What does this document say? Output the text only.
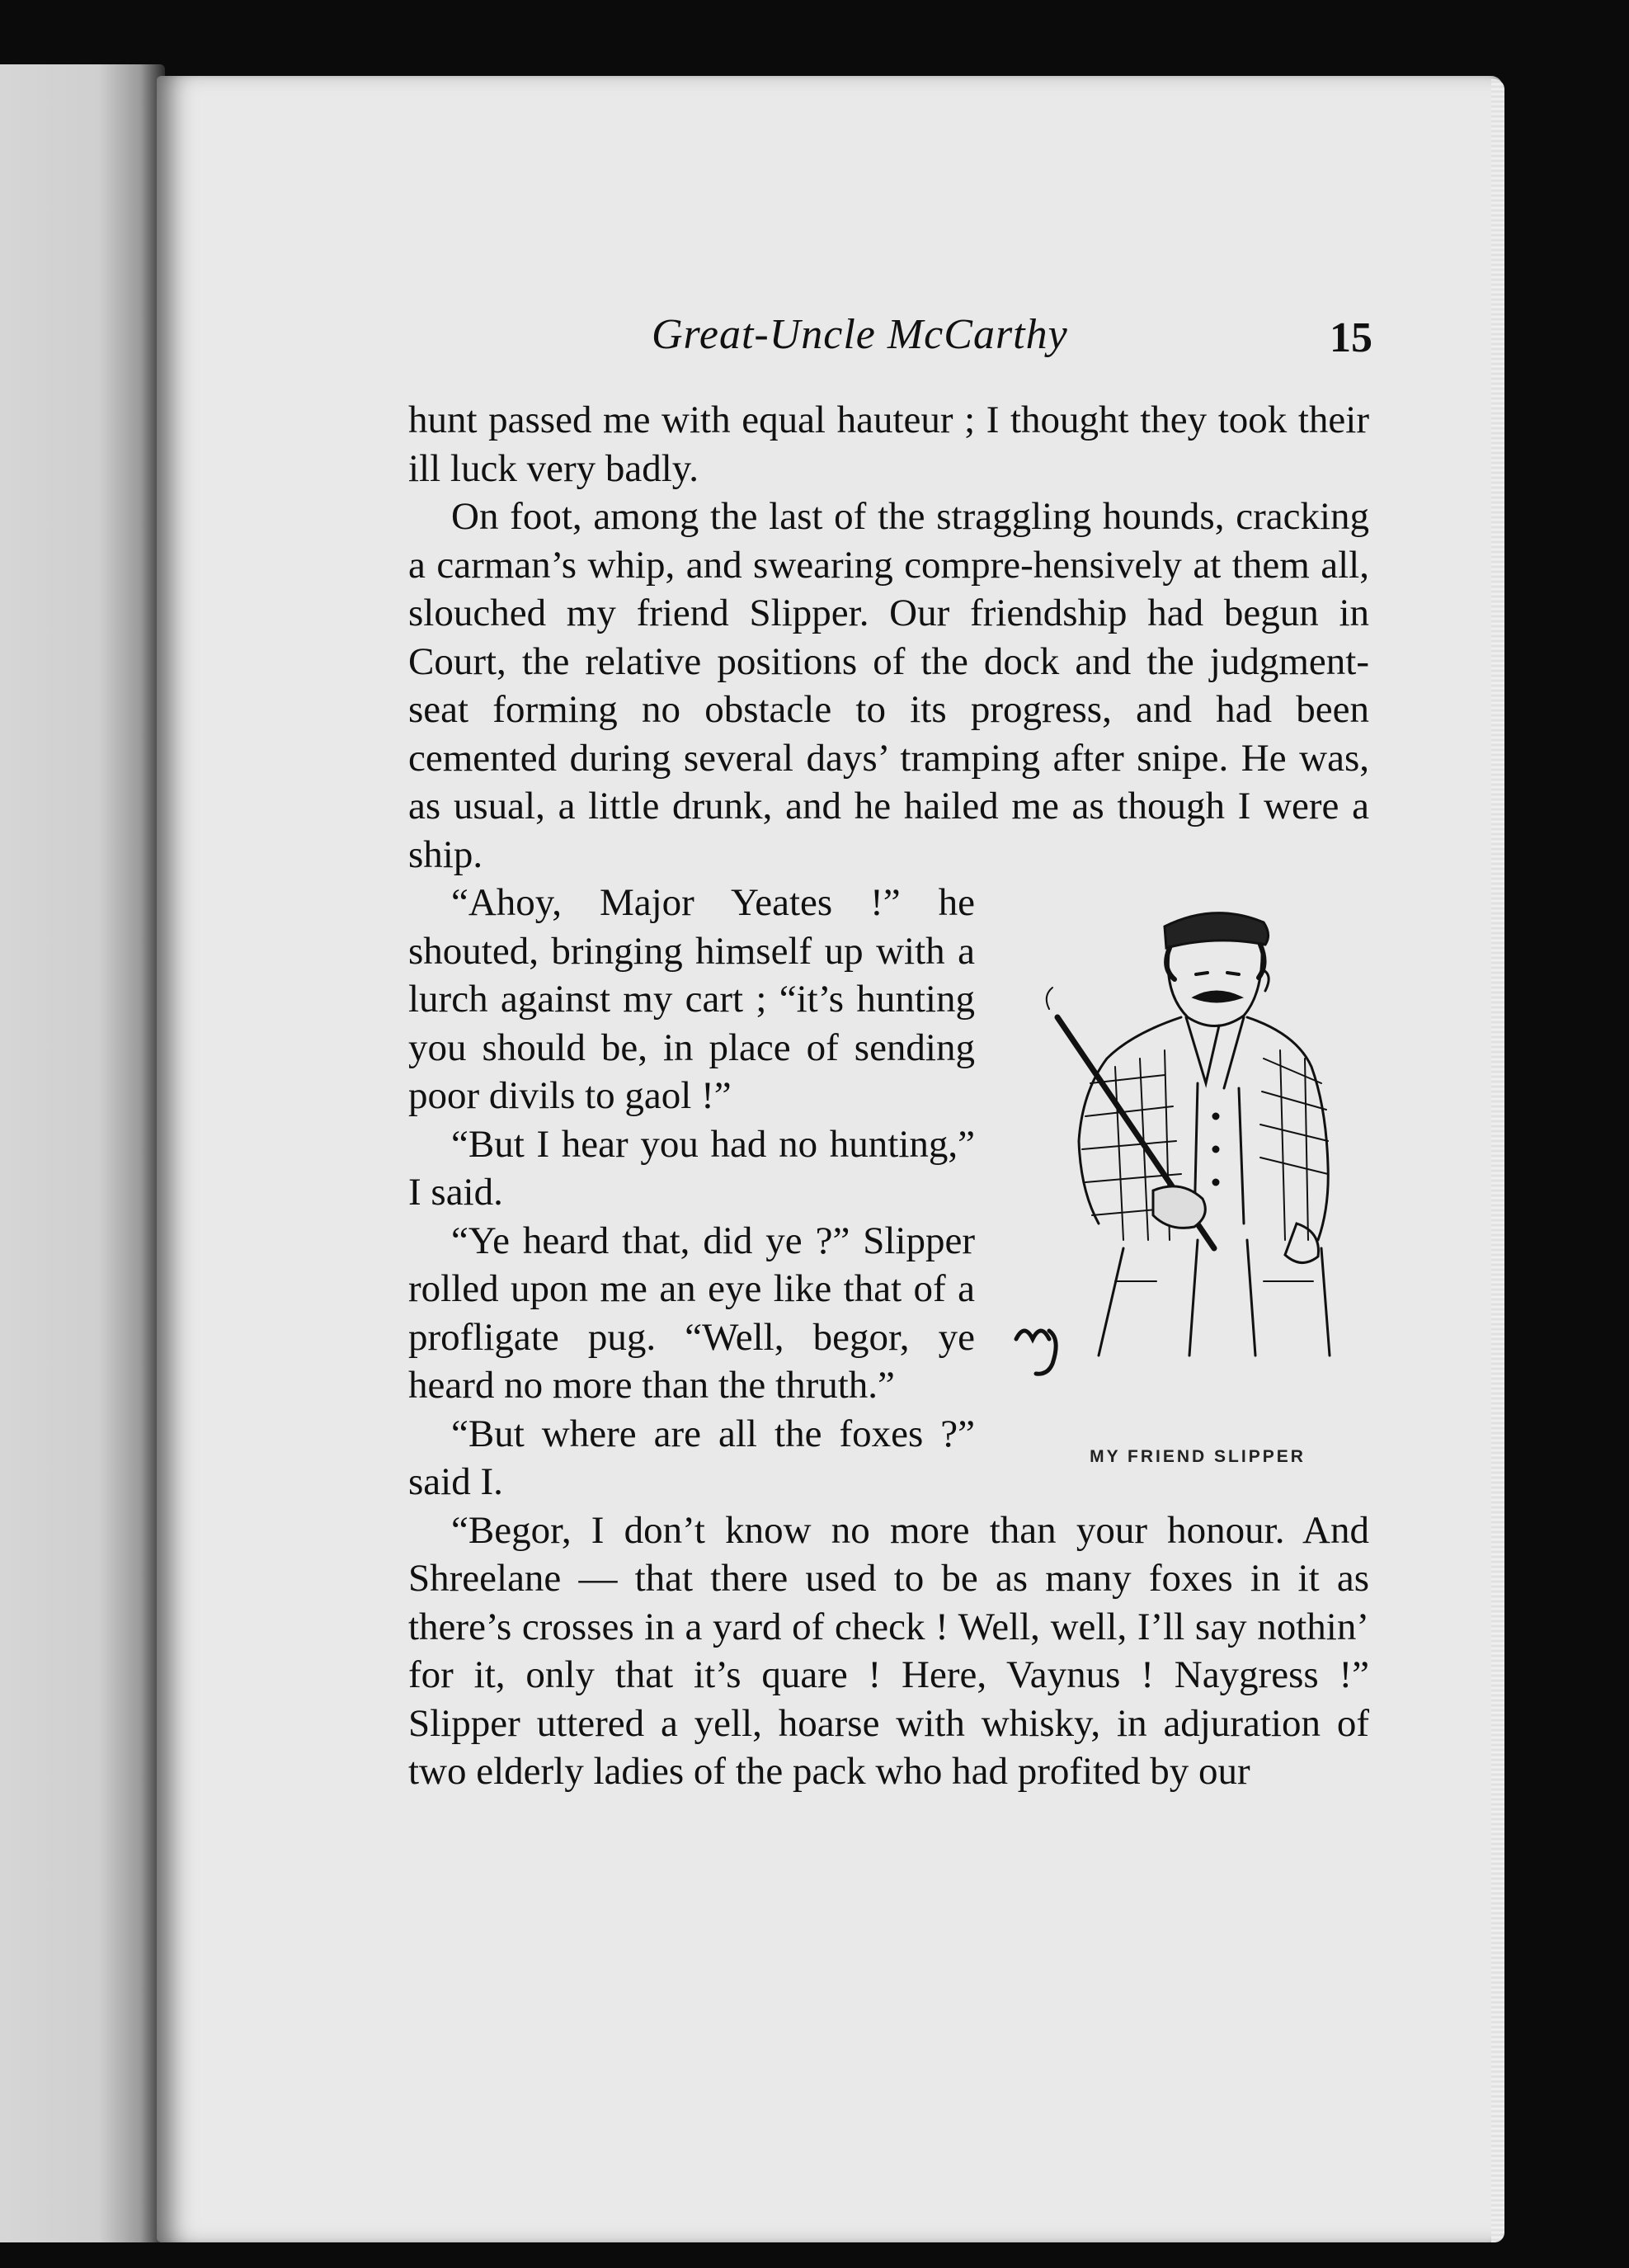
Great-Uncle McCarthy	15

hunt passed me with equal hauteur ; I thought they took their ill luck very badly.

On foot, among the last of the straggling hounds, cracking a carman’s whip, and swearing compre-hensively at them all, slouched my friend Slipper. Our friendship had begun in Court, the relative positions of the dock and the judgment-seat forming no obstacle to its progress, and had been cemented during several days’ tramping after snipe. He was, as usual, a little drunk, and he hailed me as though I were a ship.

MY FRIEND SLIPPER

“Ahoy, Major Yeates !” he shouted, bringing himself up with a lurch against my cart ; “it’s hunting you should be, in place of sending poor divils to gaol !”

“But I hear you had no hunting,” I said.

“Ye heard that, did ye ?” Slipper rolled upon me an eye like that of a profligate pug. “Well, begor, ye heard no more than the thruth.”

“But where are all the foxes ?” said I.

“Begor, I don’t know no more than your honour. And Shreelane — that there used to be as many foxes in it as there’s crosses in a yard of check ! Well, well, I’ll say nothin’ for it, only that it’s quare ! Here, Vaynus ! Naygress !” Slipper uttered a yell, hoarse with whisky, in adjuration of two elderly ladies of the pack who had profited by our
